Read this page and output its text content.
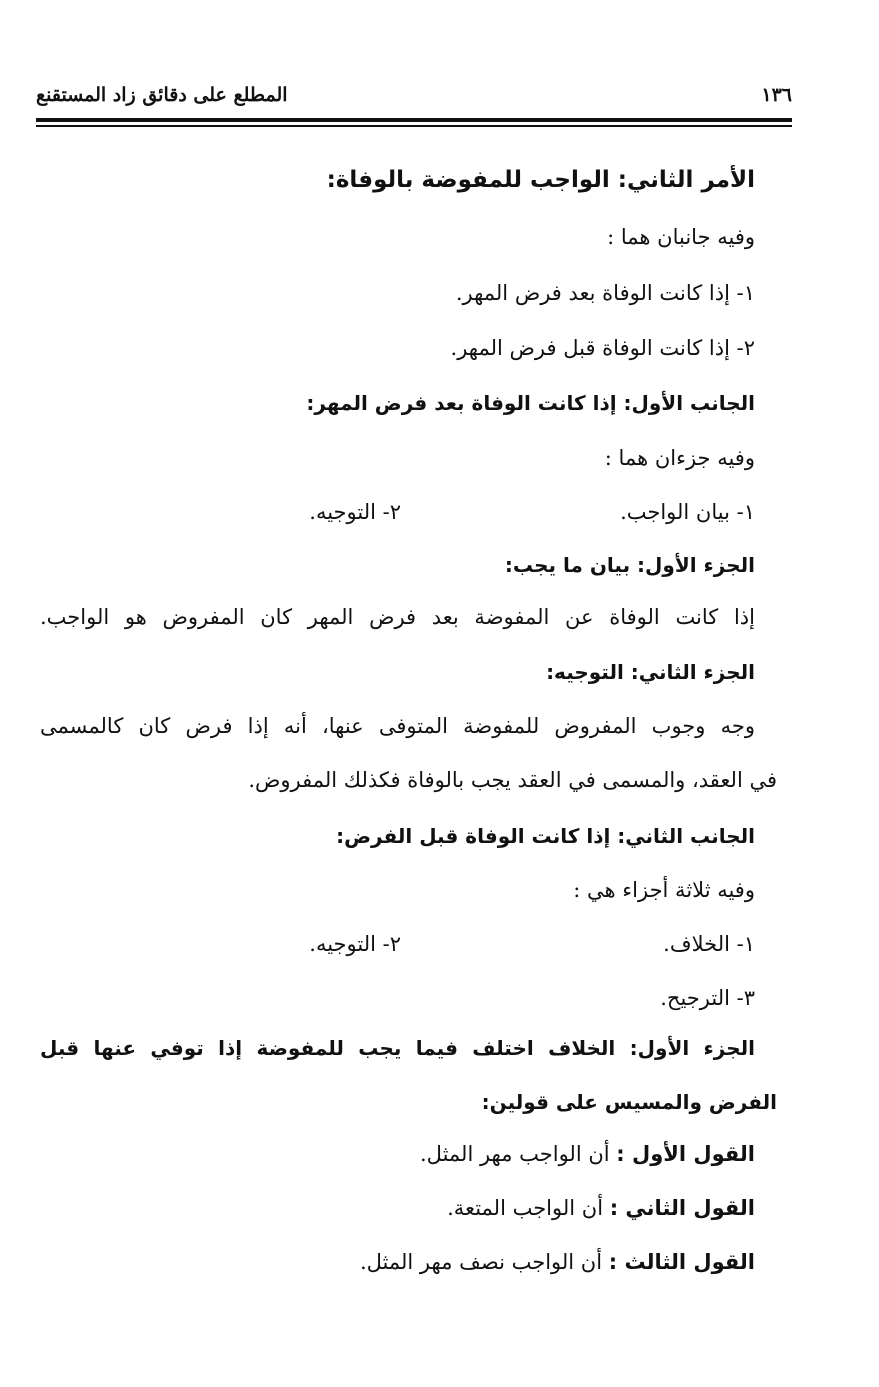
المطلع على دقائق زاد المستقنع	١٣٦
الأمر الثاني: الواجب للمفوضة بالوفاة:
وفيه جانبان هما :
١- إذا كانت الوفاة بعد فرض المهر.
٢- إذا كانت الوفاة قبل فرض المهر.
الجانب الأول: إذا كانت الوفاة بعد فرض المهر:
وفيه جزءان هما :
١- بيان الواجب.
٢- التوجيه.
الجزء الأول: بيان ما يجب:
إذا كانت الوفاة عن المفوضة بعد فرض المهر كان المفروض هو الواجب.
الجزء الثاني: التوجيه:
وجه وجوب المفروض للمفوضة المتوفى عنها، أنه إذا فرض كان كالمسمى
في العقد، والمسمى في العقد يجب بالوفاة فكذلك المفروض.
الجانب الثاني: إذا كانت الوفاة قبل الفرض:
وفيه ثلاثة أجزاء هي :
١- الخلاف.
٢- التوجيه.
٣- الترجيح.
الجزء الأول: الخلاف اختلف فيما يجب للمفوضة إذا توفي عنها قبل
الفرض والمسيس على قولين:
القول الأول : أن الواجب مهر المثل.
القول الثاني : أن الواجب المتعة.
القول الثالث : أن الواجب نصف مهر المثل.
